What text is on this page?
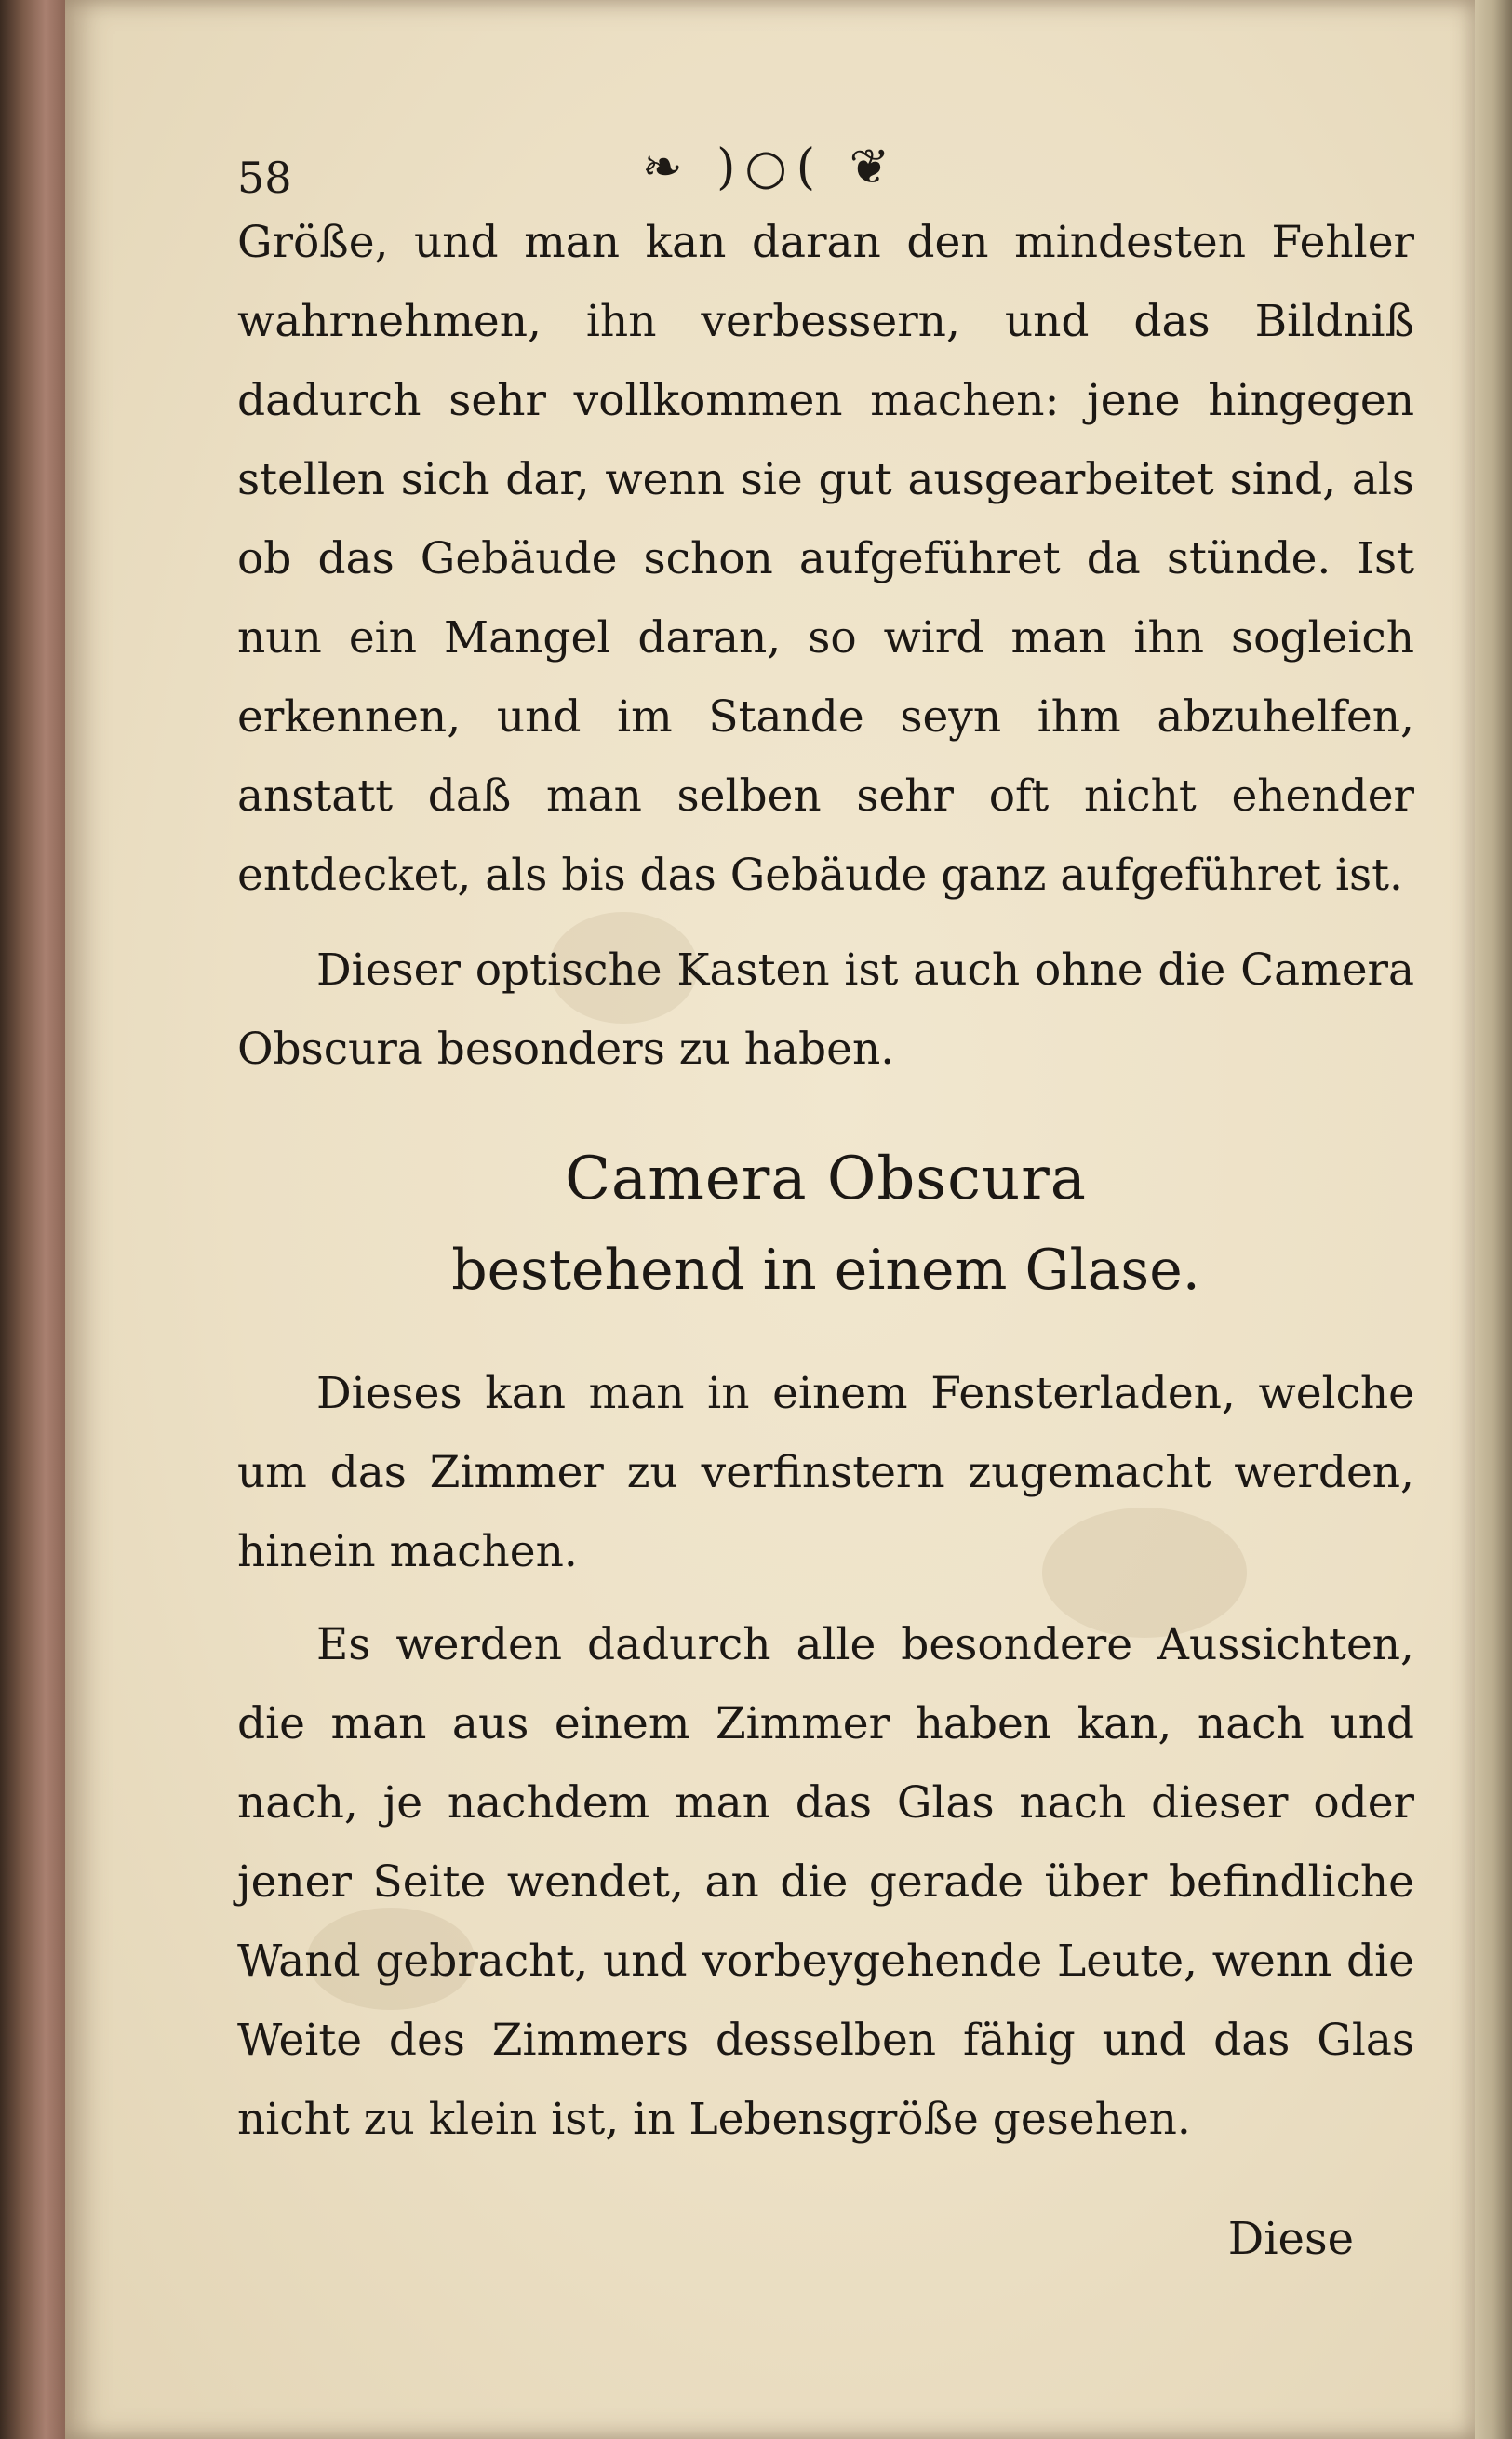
58	❧ )○( ❦

Größe, und man kan daran den mindesten Fehler wahrnehmen, ihn verbessern, und das Bildniß dadurch sehr vollkommen machen: jene hingegen stellen sich dar, wenn sie gut ausgearbeitet sind, als ob das Gebäude schon aufgeführet da stünde. Ist nun ein Mangel daran, so wird man ihn sogleich erkennen, und im Stande seyn ihm abzuhelfen, anstatt daß man selben sehr oft nicht ehender entdecket, als bis das Gebäude ganz aufgeführet ist.

Dieser optische Kasten ist auch ohne die Camera Obscura besonders zu haben.

Camera Obscura
bestehend in einem Glase.

Dieses kan man in einem Fensterladen, welche um das Zimmer zu verfinstern zugemacht werden, hinein machen.

Es werden dadurch alle besondere Aussichten, die man aus einem Zimmer haben kan, nach und nach, je nachdem man das Glas nach dieser oder jener Seite wendet, an die gerade über befindliche Wand gebracht, und vorbeygehende Leute, wenn die Weite des Zimmers desselben fähig und das Glas nicht zu klein ist, in Lebensgröße gesehen.

Diese
